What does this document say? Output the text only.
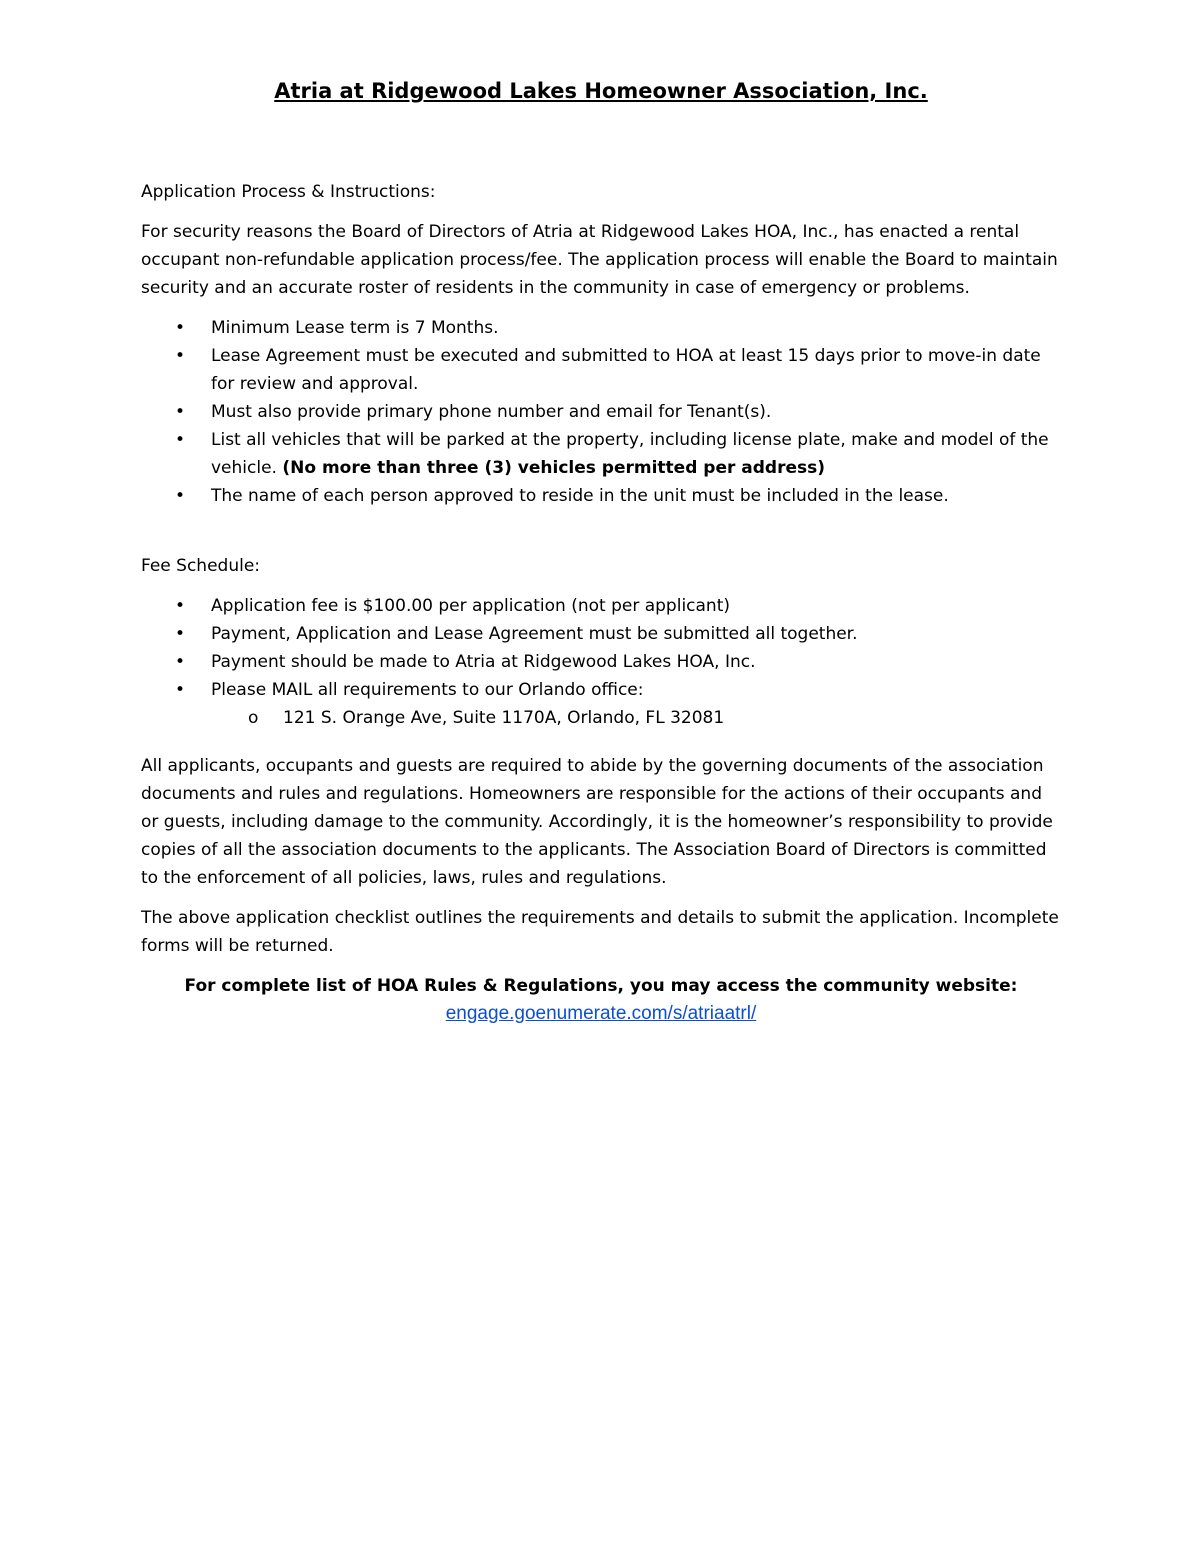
Atria at Ridgewood Lakes Homeowner Association, Inc.
Application Process & Instructions:
For security reasons the Board of Directors of Atria at Ridgewood Lakes HOA, Inc., has enacted a rental occupant non-refundable application process/fee. The application process will enable the Board to maintain security and an accurate roster of residents in the community in case of emergency or problems.
• Minimum Lease term is 7 Months.
• Lease Agreement must be executed and submitted to HOA at least 15 days prior to move-in date for review and approval.
• Must also provide primary phone number and email for Tenant(s).
• List all vehicles that will be parked at the property, including license plate, make and model of the vehicle. (No more than three (3) vehicles permitted per address)
• The name of each person approved to reside in the unit must be included in the lease.
Fee Schedule:
• Application fee is $100.00 per application (not per applicant)
• Payment, Application and Lease Agreement must be submitted all together.
• Payment should be made to Atria at Ridgewood Lakes HOA, Inc.
• Please MAIL all requirements to our Orlando office:
o 121 S. Orange Ave, Suite 1170A, Orlando, FL 32081
All applicants, occupants and guests are required to abide by the governing documents of the association documents and rules and regulations. Homeowners are responsible for the actions of their occupants and or guests, including damage to the community. Accordingly, it is the homeowner’s responsibility to provide copies of all the association documents to the applicants. The Association Board of Directors is committed to the enforcement of all policies, laws, rules and regulations.
The above application checklist outlines the requirements and details to submit the application. Incomplete forms will be returned.
For complete list of HOA Rules & Regulations, you may access the community website:
engage.goenumerate.com/s/atriaatrl/
